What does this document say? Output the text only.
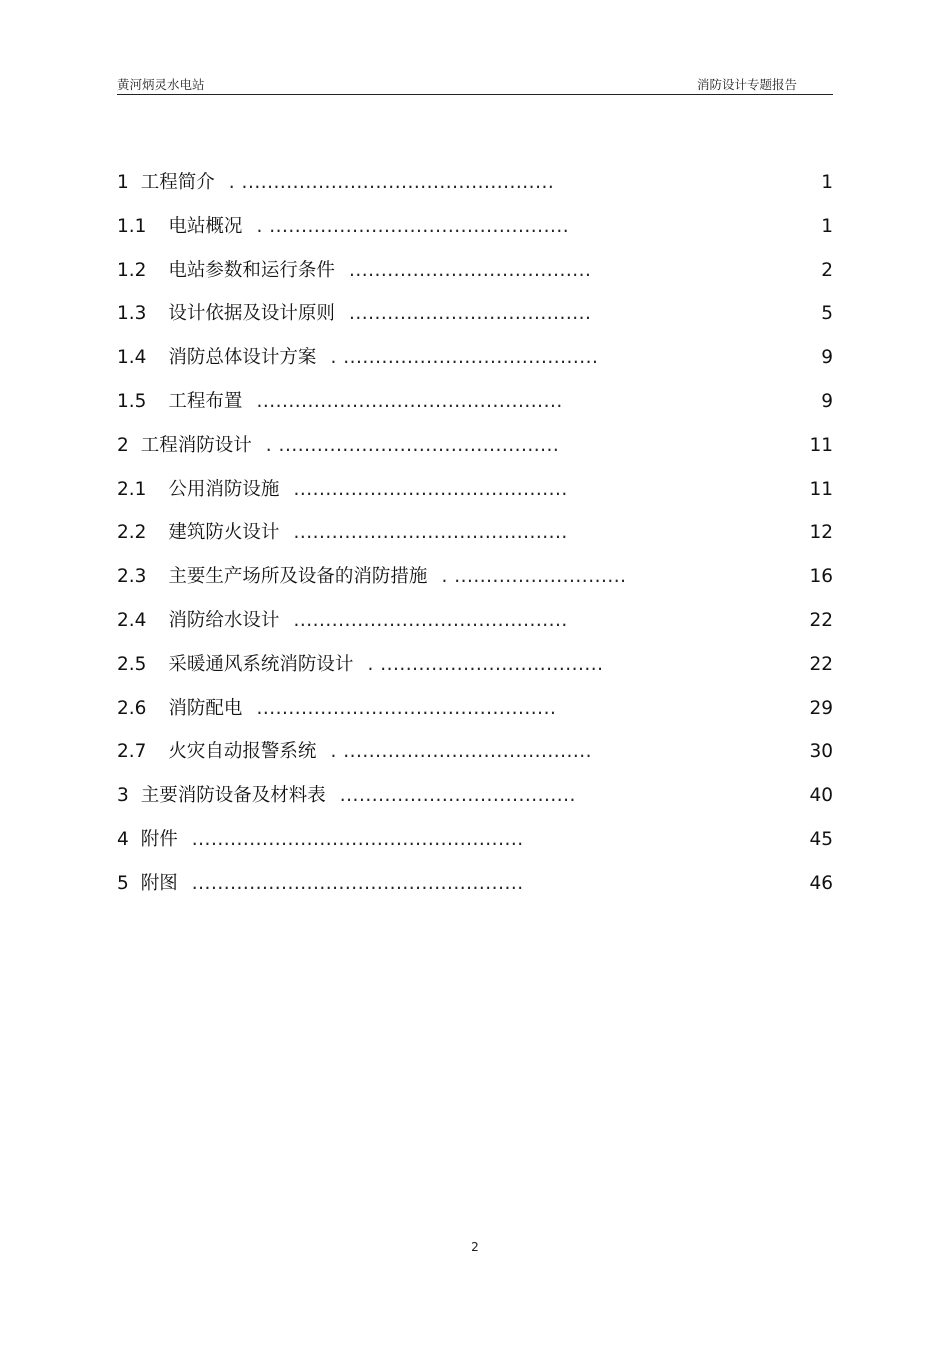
黄河炳灵水电站	消防设计专题报告
1 工程简介 . .................................................	1
1.1 电站概况 . ...............................................	1
1.2 电站参数和运行条件 ......................................	2
1.3 设计依据及设计原则 ......................................	5
1.4 消防总体设计方案 . ........................................	9
1.5 工程布置 ................................................	9
2 工程消防设计 . ............................................	11
2.1 公用消防设施 ...........................................	11
2.2 建筑防火设计 ...........................................	12
2.3 主要生产场所及设备的消防措施 . ...........................	16
2.4 消防给水设计 ...........................................	22
2.5 采暖通风系统消防设计 . ...................................	22
2.6 消防配电 ...............................................	29
2.7 火灾自动报警系统 . .......................................	30
3 主要消防设备及材料表 .....................................	40
4 附件 ....................................................	45
5 附图 ....................................................	46
2
